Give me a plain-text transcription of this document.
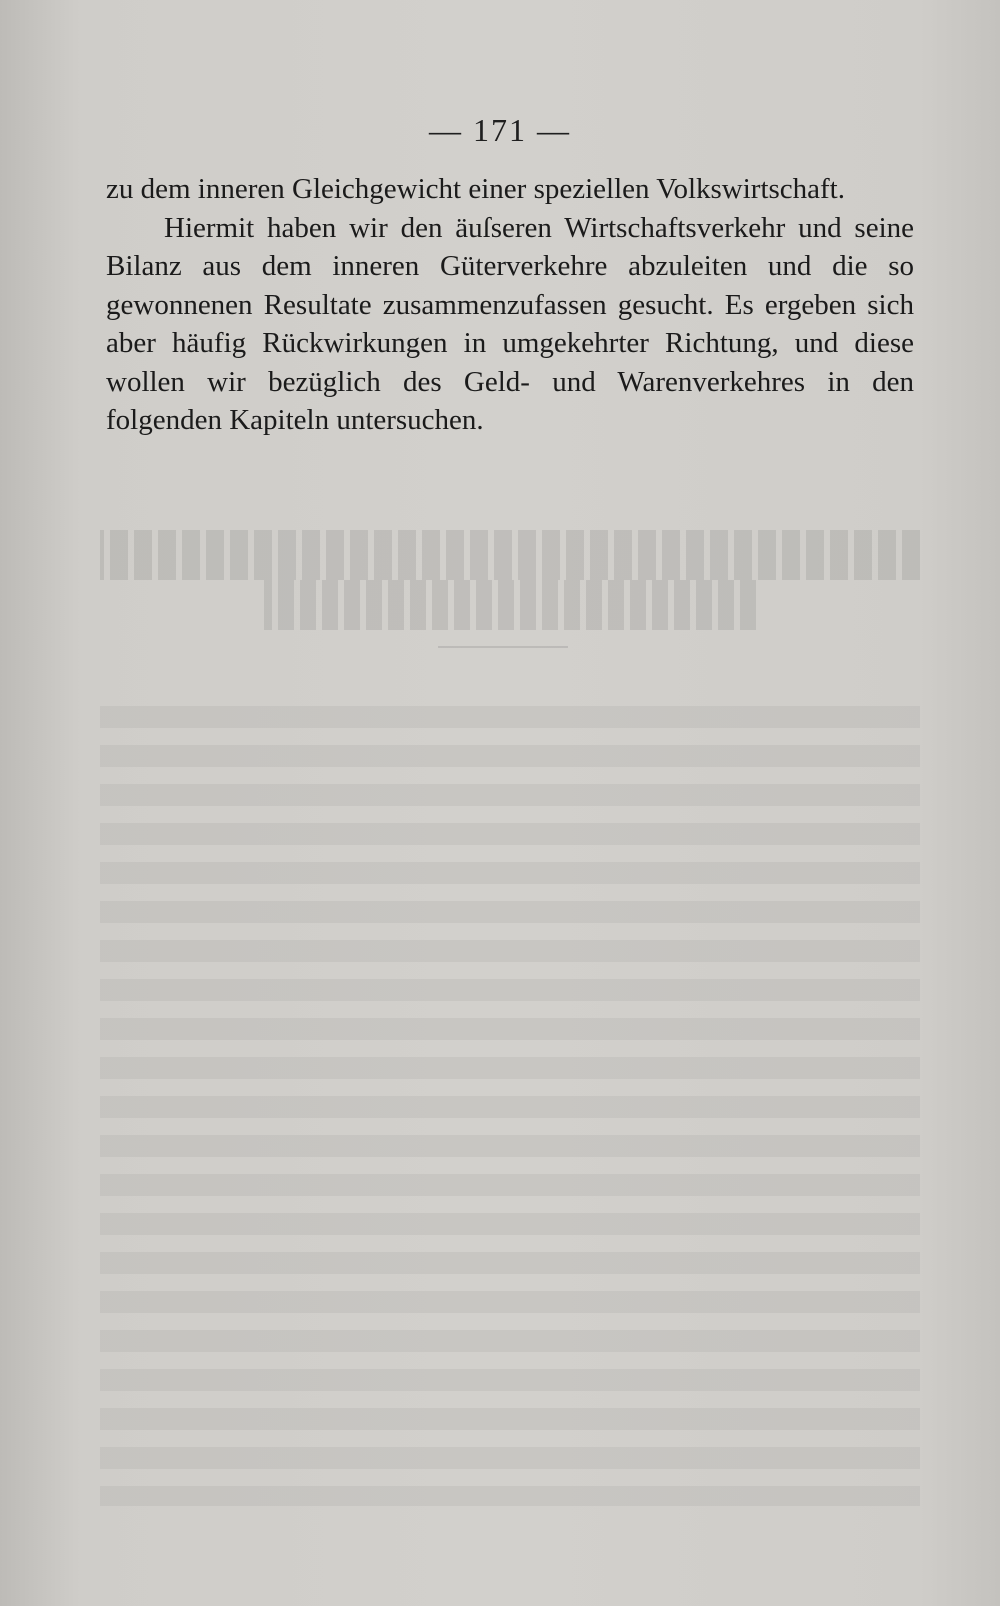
— 171 —

zu dem inneren Gleichgewicht einer speziellen Volkswirtschaft.

Hiermit haben wir den äuſseren Wirtschaftsverkehr und seine Bilanz aus dem inneren Güterverkehre abzuleiten und die so gewonnenen Resultate zusammenzufassen gesucht. Es ergeben sich aber häufig Rückwirkungen in umgekehrter Richtung, und diese wollen wir bezüglich des Geld- und Warenverkehres in den folgenden Kapiteln untersuchen.
